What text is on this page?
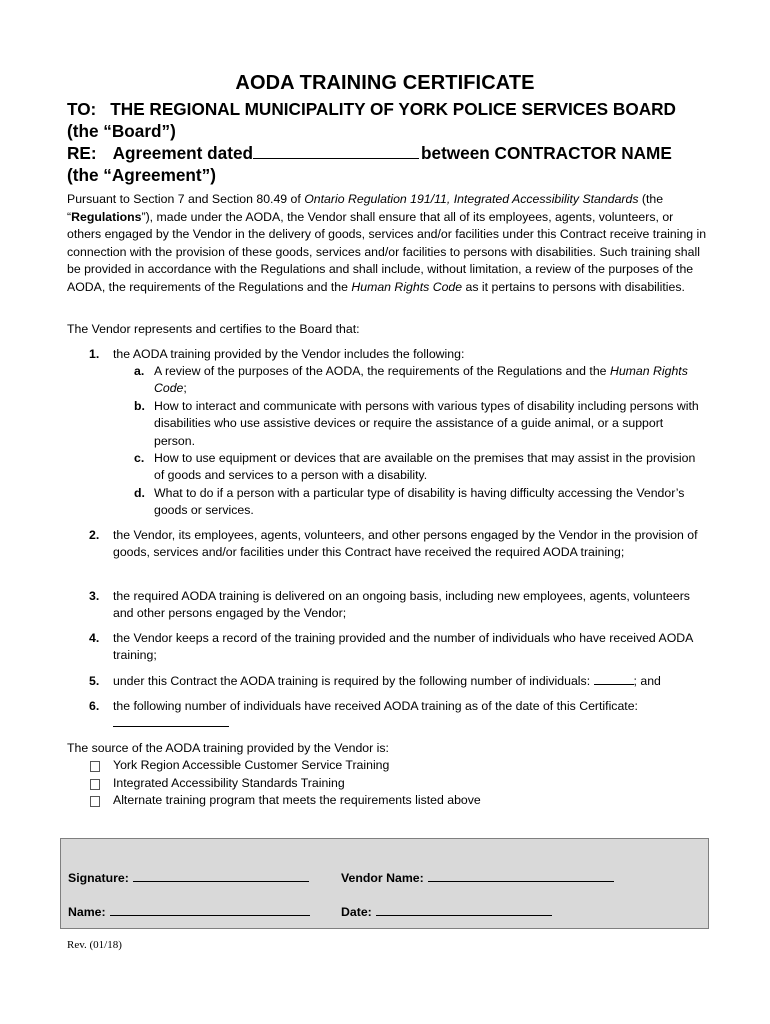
AODA TRAINING CERTIFICATE
TO: THE REGIONAL MUNICIPALITY OF YORK POLICE SERVICES BOARD
(the “Board”)
RE: Agreement dated	between CONTRACTOR NAME
(the “Agreement”)

Pursuant to Section 7 and Section 80.49 of Ontario Regulation 191/11, Integrated Accessibility Standards (the “Regulations”), made under the AODA, the Vendor shall ensure that all of its employees, agents, volunteers, or others engaged by the Vendor in the delivery of goods, services and/or facilities under this Contract receive training in connection with the provision of these goods, services and/or facilities to persons with disabilities. Such training shall be provided in accordance with the Regulations and shall include, without limitation, a review of the purposes of the AODA, the requirements of the Regulations and the Human Rights Code as it pertains to persons with disabilities.

The Vendor represents and certifies to the Board that:

1. the AODA training provided by the Vendor includes the following:

a. A review of the purposes of the AODA, the requirements of the Regulations and the Human Rights Code;
b. How to interact and communicate with persons with various types of disability including persons with disabilities who use assistive devices or require the assistance of a guide animal, or a support person.
c. How to use equipment or devices that are available on the premises that may assist in the provision of goods and services to a person with a disability.
d. What to do if a person with a particular type of disability is having difficulty accessing the Vendor’s goods or services.

2. the Vendor, its employees, agents, volunteers, and other persons engaged by the Vendor in the provision of goods, services and/or facilities under this Contract have received the required AODA training;

3. the required AODA training is delivered on an ongoing basis, including new employees, agents, volunteers and other persons engaged by the Vendor;

4. the Vendor keeps a record of the training provided and the number of individuals who have received AODA training;

5. under this Contract the AODA training is required by the following number of individuals:	; and

6. the following number of individuals have received AODA training as of the date of this Certificate:

The source of the AODA training provided by the Vendor is:

York Region Accessible Customer Service Training

Integrated Accessibility Standards Training

Alternate training program that meets the requirements listed above

Signature:	Vendor Name:
Name:	Date:
Rev. (01/18)
